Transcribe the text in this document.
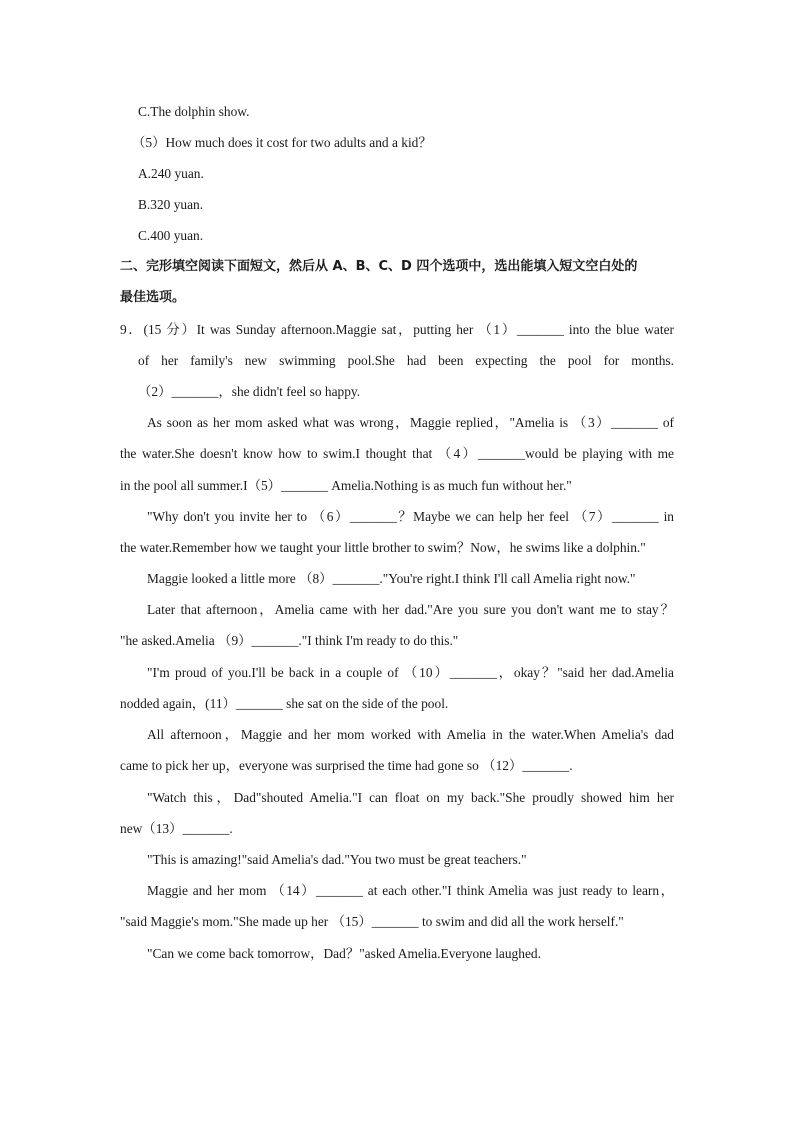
C.The dolphin show.
（5）How much does it cost for two adults and a kid？
A.240 yuan.
B.320 yuan.
C.400 yuan.
二、完形填空阅读下面短文，然后从 A、B、C、D 四个选项中，选出能填入短文空白处的
最佳选项。
9．(15 分）It was Sunday afternoon.Maggie sat，putting her （1）_______ into the blue water
of her family's new swimming pool.She had been expecting the pool for months.
（2）_______，she didn't feel so happy.
As soon as her mom asked what was wrong，Maggie replied，"Amelia is （3）_______ of
the water.She doesn't know how to swim.I thought that （4）_______would be playing with me
in the pool all summer.I（5）_______ Amelia.Nothing is as much fun without her."
"Why don't you invite her to （6）_______？Maybe we can help her feel （7）_______ in
the water.Remember how we taught your little brother to swim？Now，he swims like a dolphin."
Maggie looked a little more （8）_______."You're right.I think I'll call Amelia right now."
Later that afternoon，Amelia came with her dad."Are you sure you don't want me to stay？
"he asked.Amelia （9）_______."I think I'm ready to do this."
"I'm proud of you.I'll be back in a couple of （10）_______，okay？"said her dad.Amelia
nodded again，(11）_______ she sat on the side of the pool.
All afternoon，Maggie and her mom worked with Amelia in the water.When Amelia's dad
came to pick her up，everyone was surprised the time had gone so （12）_______.
"Watch this，Dad"shouted Amelia."I can float on my back."She proudly showed him her
new（13）_______.
"This is amazing!"said Amelia's dad."You two must be great teachers."
Maggie and her mom （14）_______ at each other."I think Amelia was just ready to learn，
"said Maggie's mom."She made up her （15）_______ to swim and did all the work herself."
"Can we come back tomorrow，Dad？"asked Amelia.Everyone laughed.
